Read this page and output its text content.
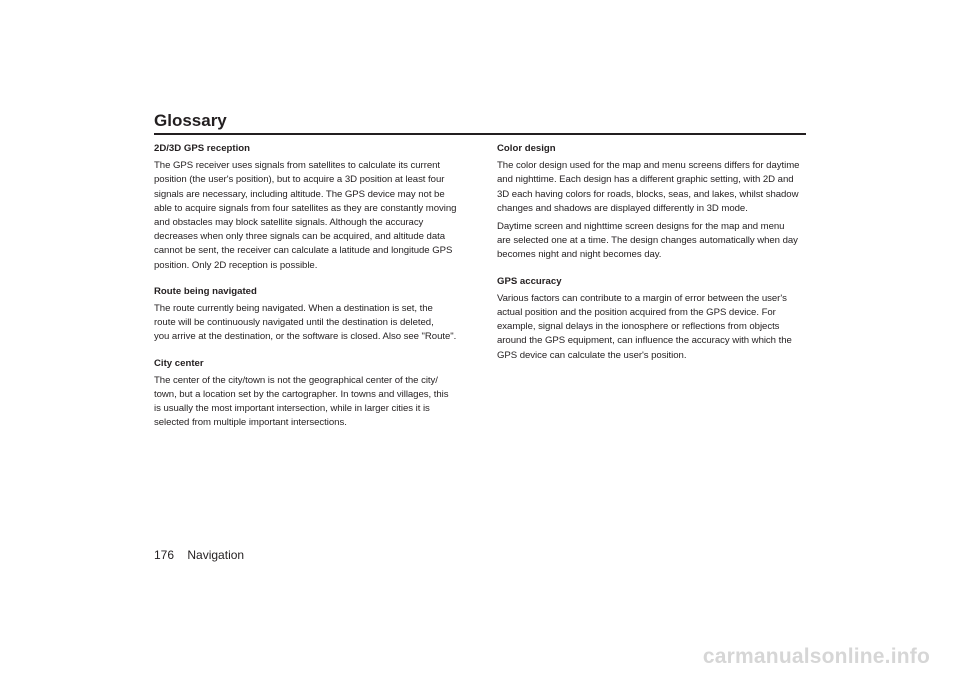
Glossary

2D/3D GPS reception

The GPS receiver uses signals from satellites to calculate its current
position (the user's position), but to acquire a 3D position at least four
signals are necessary, including altitude. The GPS device may not be
able to acquire signals from four satellites as they are constantly moving
and obstacles may block satellite signals. Although the accuracy
decreases when only three signals can be acquired, and altitude data
cannot be sent, the receiver can calculate a latitude and longitude GPS
position. Only 2D reception is possible.

Route being navigated

The route currently being navigated. When a destination is set, the
route will be continuously navigated until the destination is deleted,
you arrive at the destination, or the software is closed. Also see "Route".

City center

The center of the city/town is not the geographical center of the city/
town, but a location set by the cartographer. In towns and villages, this
is usually the most important intersection, while in larger cities it is
selected from multiple important intersections.

Color design

The color design used for the map and menu screens differs for daytime
and nighttime. Each design has a different graphic setting, with 2D and
3D each having colors for roads, blocks, seas, and lakes, whilst shadow
changes and shadows are displayed differently in 3D mode.

Daytime screen and nighttime screen designs for the map and menu
are selected one at a time. The design changes automatically when day
becomes night and night becomes day.

GPS accuracy

Various factors can contribute to a margin of error between the user's
actual position and the position acquired from the GPS device. For
example, signal delays in the ionosphere or reflections from objects
around the GPS equipment, can influence the accuracy with which the
GPS device can calculate the user's position.

176 Navigation
carmanualsonline.info
